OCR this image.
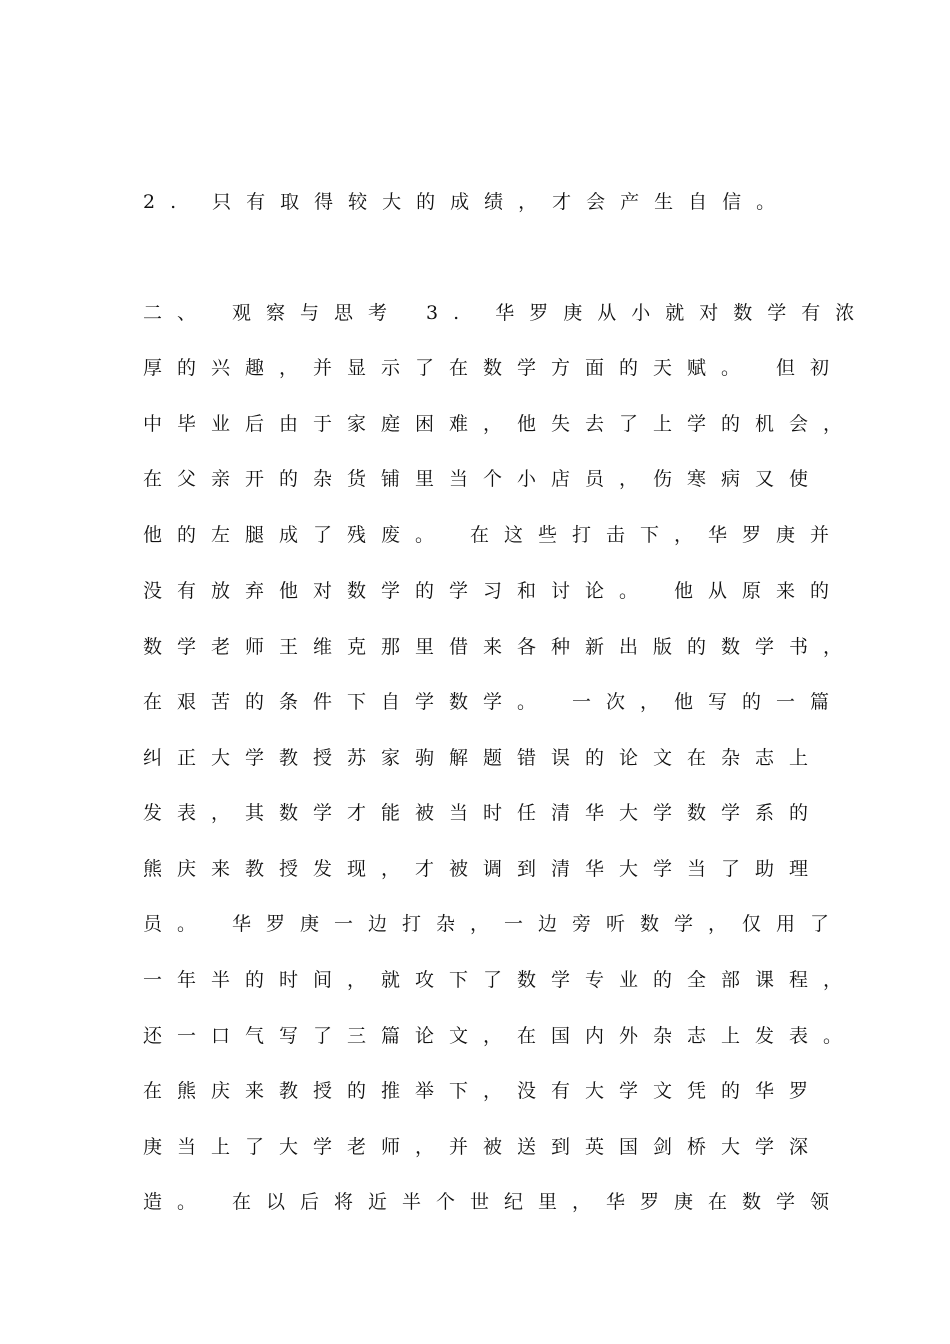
2. 只有取得较大的成绩，才会产生自信。
二、 观察与思考 3. 华罗庚从小就对数学有浓
厚的兴趣，并显示了在数学方面的天赋。 但初
中毕业后由于家庭困难，他失去了上学的机会，
在父亲开的杂货铺里当个小店员，伤寒病又使
他的左腿成了残废。 在这些打击下，华罗庚并
没有放弃他对数学的学习和讨论。 他从原来的
数学老师王维克那里借来各种新出版的数学书，
在艰苦的条件下自学数学。 一次，他写的一篇
纠正大学教授苏家驹解题错误的论文在杂志上
发表，其数学才能被当时任清华大学数学系的
熊庆来教授发现，才被调到清华大学当了助理
员。 华罗庚一边打杂，一边旁听数学，仅用了
一年半的时间，就攻下了数学专业的全部课程，
还一口气写了三篇论文，在国内外杂志上发表。
在熊庆来教授的推举下，没有大学文凭的华罗
庚当上了大学老师，并被送到英国剑桥大学深
造。 在以后将近半个世纪里，华罗庚在数学领
